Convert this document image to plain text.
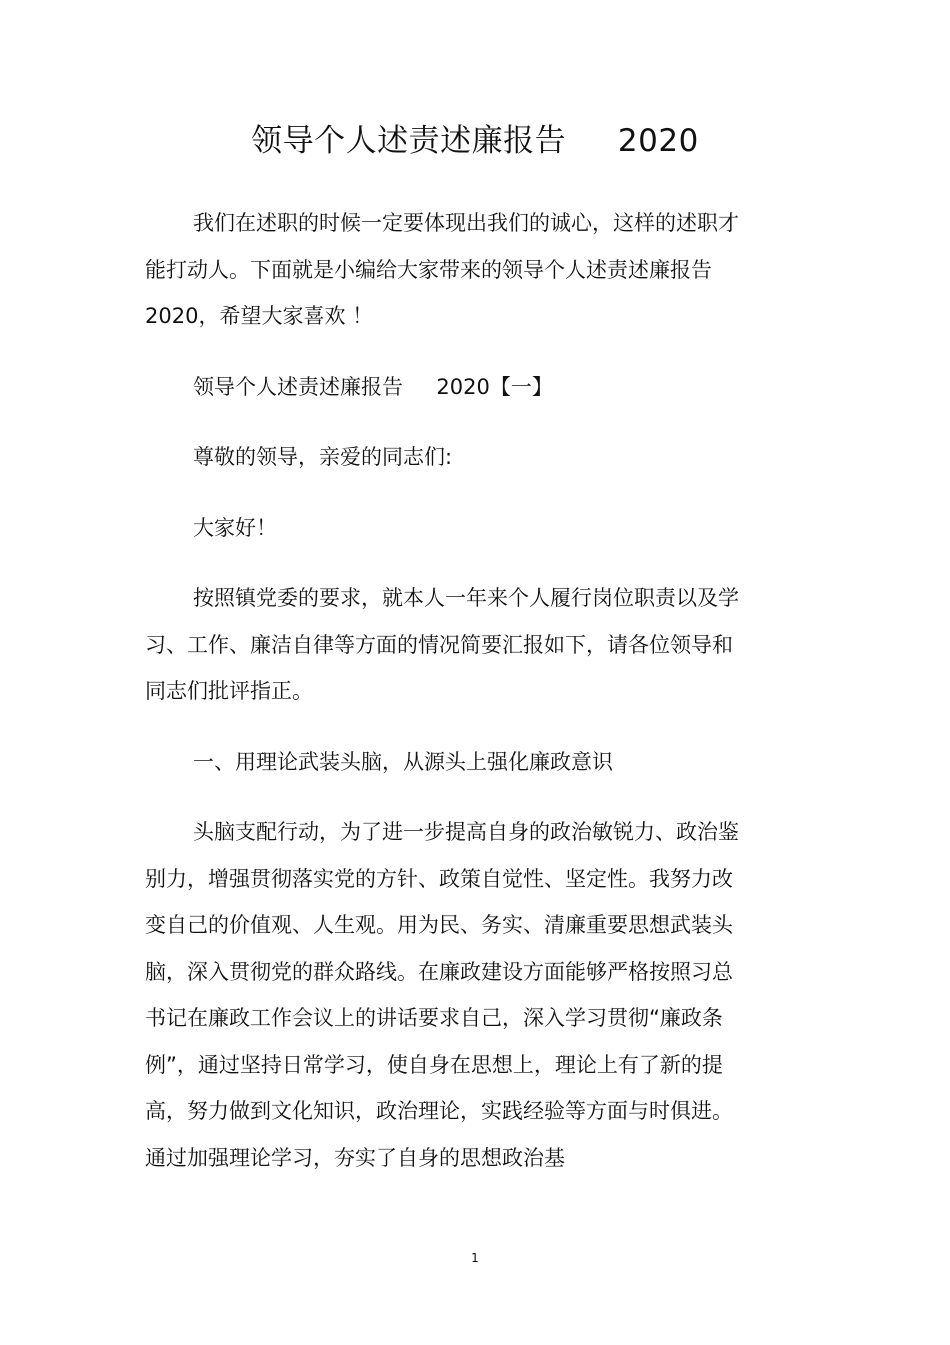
领导个人述责述廉报告     2020

我们在述职的时候一定要体现出我们的诚心，这样的述职才能打动人。下面就是小编给大家带来的领导个人述责述廉报告 2020，希望大家喜欢 ！

领导个人述责述廉报告     2020【一】

尊敬的领导，亲爱的同志们:

大家好！

按照镇党委的要求，就本人一年来个人履行岗位职责以及学习、工作、廉洁自律等方面的情况简要汇报如下，请各位领导和同志们批评指正。

一、用理论武装头脑，从源头上强化廉政意识

头脑支配行动，为了进一步提高自身的政治敏锐力、政治鉴别力，增强贯彻落实党的方针、政策自觉性、坚定性。我努力改变自己的价值观、人生观。用为民、务实、清廉重要思想武装头脑，深入贯彻党的群众路线。在廉政建设方面能够严格按照习总书记在廉政工作会议上的讲话要求自己，深入学习贯彻“廉政条例”，通过坚持日常学习，使自身在思想上，理论上有了新的提高，努力做到文化知识，政治理论，实践经验等方面与时俱进。通过加强理论学习，夯实了自身的思想政治基

1
